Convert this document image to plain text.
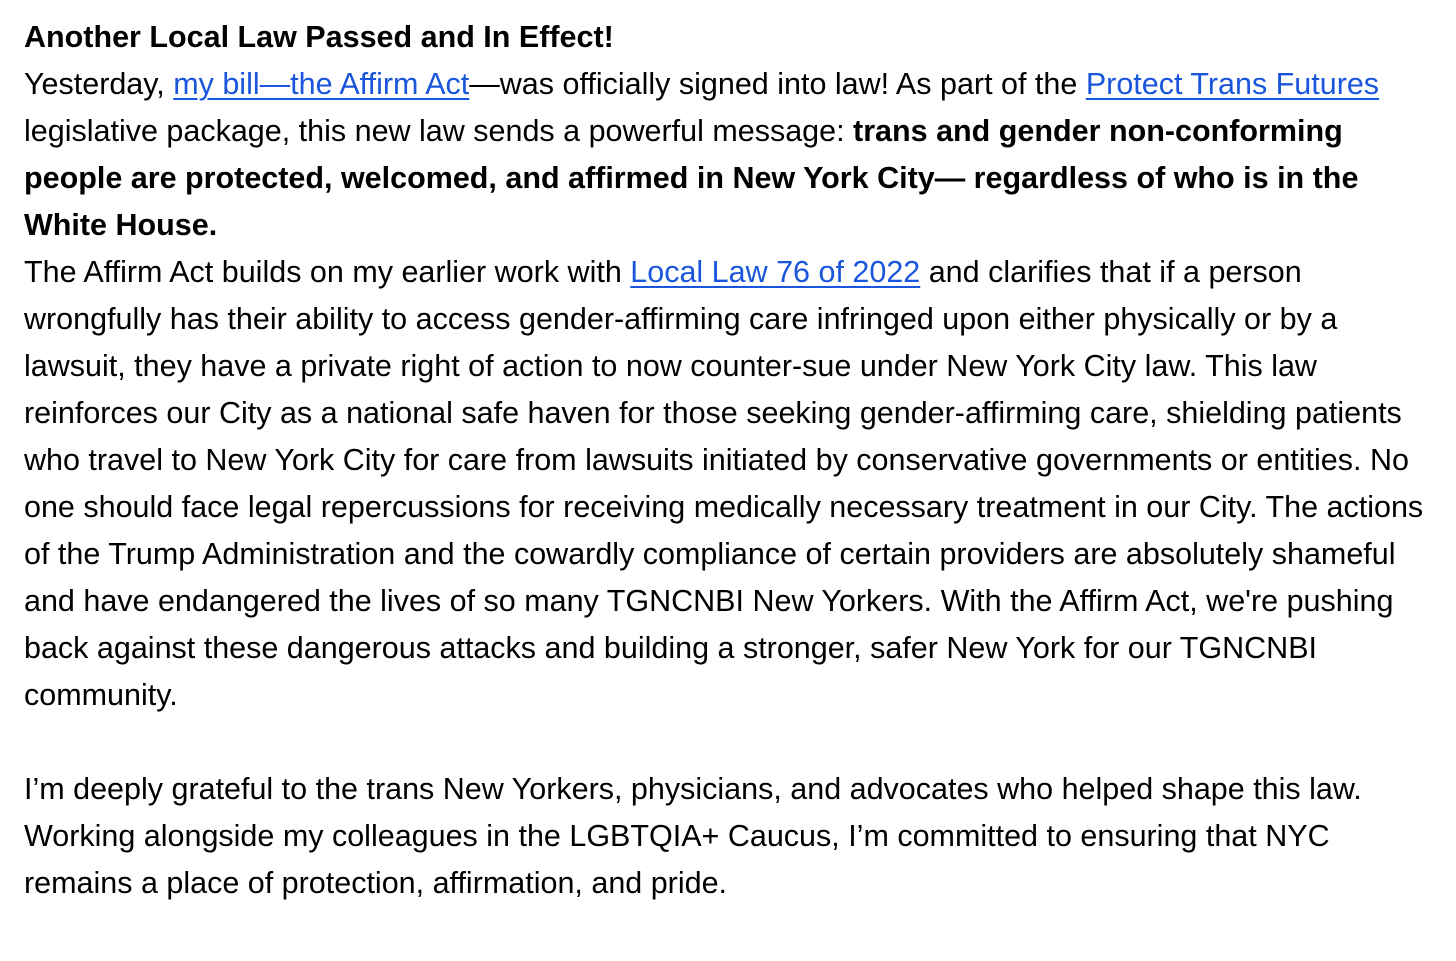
Another Local Law Passed and In Effect!

Yesterday, my bill—the Affirm Act—was officially signed into law! As part of the Protect Trans Futures legislative package, this new law sends a powerful message: trans and gender non-conforming people are protected, welcomed, and affirmed in New York City— regardless of who is in the White House.

The Affirm Act builds on my earlier work with Local Law 76 of 2022 and clarifies that if a person wrongfully has their ability to access gender-affirming care infringed upon either physically or by a lawsuit, they have a private right of action to now counter-sue under New York City law. This law reinforces our City as a national safe haven for those seeking gender-affirming care, shielding patients who travel to New York City for care from lawsuits initiated by conservative governments or entities. No one should face legal repercussions for receiving medically necessary treatment in our City. The actions of the Trump Administration and the cowardly compliance of certain providers are absolutely shameful and have endangered the lives of so many TGNCNBI New Yorkers. With the Affirm Act, we're pushing back against these dangerous attacks and building a stronger, safer New York for our TGNCNBI community.

I’m deeply grateful to the trans New Yorkers, physicians, and advocates who helped shape this law. Working alongside my colleagues in the LGBTQIA+ Caucus, I’m committed to ensuring that NYC remains a place of protection, affirmation, and pride.
